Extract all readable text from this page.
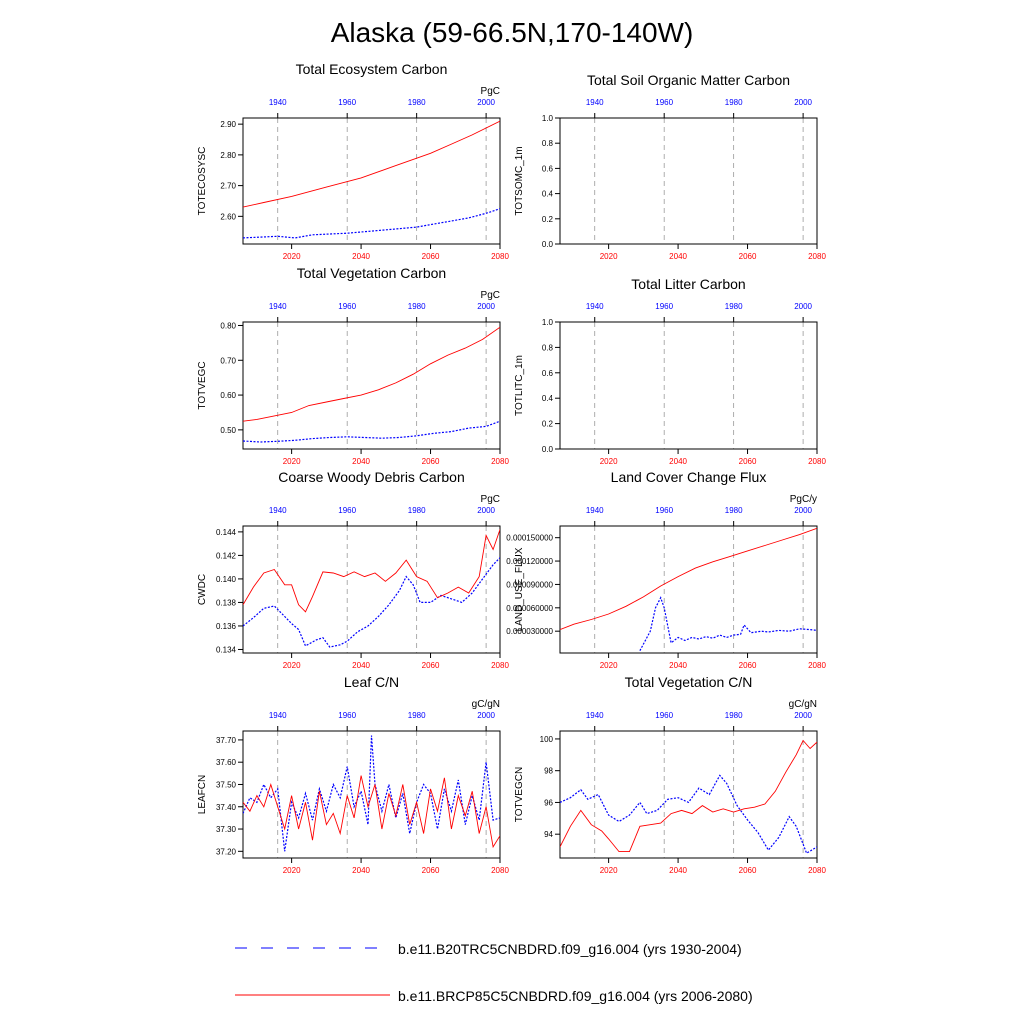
Alaska (59-66.5N,170-140W)
2.60
2.70
2.80
2.90
2020	2040	2060	2080
1940	1960	1980	2000
Total Ecosystem Carbon
PgC
TOTECOSYSC
0.0
0.2
0.4
0.6
0.8
1.0
2020	2040	2060	2080
1940	1960	1980	2000
Total Soil Organic Matter Carbon
TOTSOMC_1m
0.50
0.60
0.70
0.80
2020	2040	2060	2080
1940	1960	1980	2000
Total Vegetation Carbon
PgC
TOTVEGC
0.0
0.2
0.4
0.6
0.8
1.0
2020	2040	2060	2080
1940	1960	1980	2000
Total Litter Carbon
TOTLITC_1m
0.134
0.136
0.138
0.140
0.142
0.144
2020	2040	2060	2080
1940	1960	1980	2000
Coarse Woody Debris Carbon
PgC
CWDC
0.000030000
0.000060000
0.000090000
0.000120000
0.000150000
2020	2040	2060	2080
1940	1960	1980	2000
Land Cover Change Flux
PgC/y
LAND_USE_FLUX
37.20
37.30
37.40
37.50
37.60
37.70
2020	2040	2060	2080
1940	1960	1980	2000
Leaf C/N
gC/gN
LEAFCN
94
96
98
100
2020	2040	2060	2080
1940	1960	1980	2000
Total Vegetation C/N
gC/gN
TOTVEGCN
b.e11.B20TRC5CNBDRD.f09_g16.004 (yrs 1930-2004)
b.e11.BRCP85C5CNBDRD.f09_g16.004 (yrs 2006-2080)
